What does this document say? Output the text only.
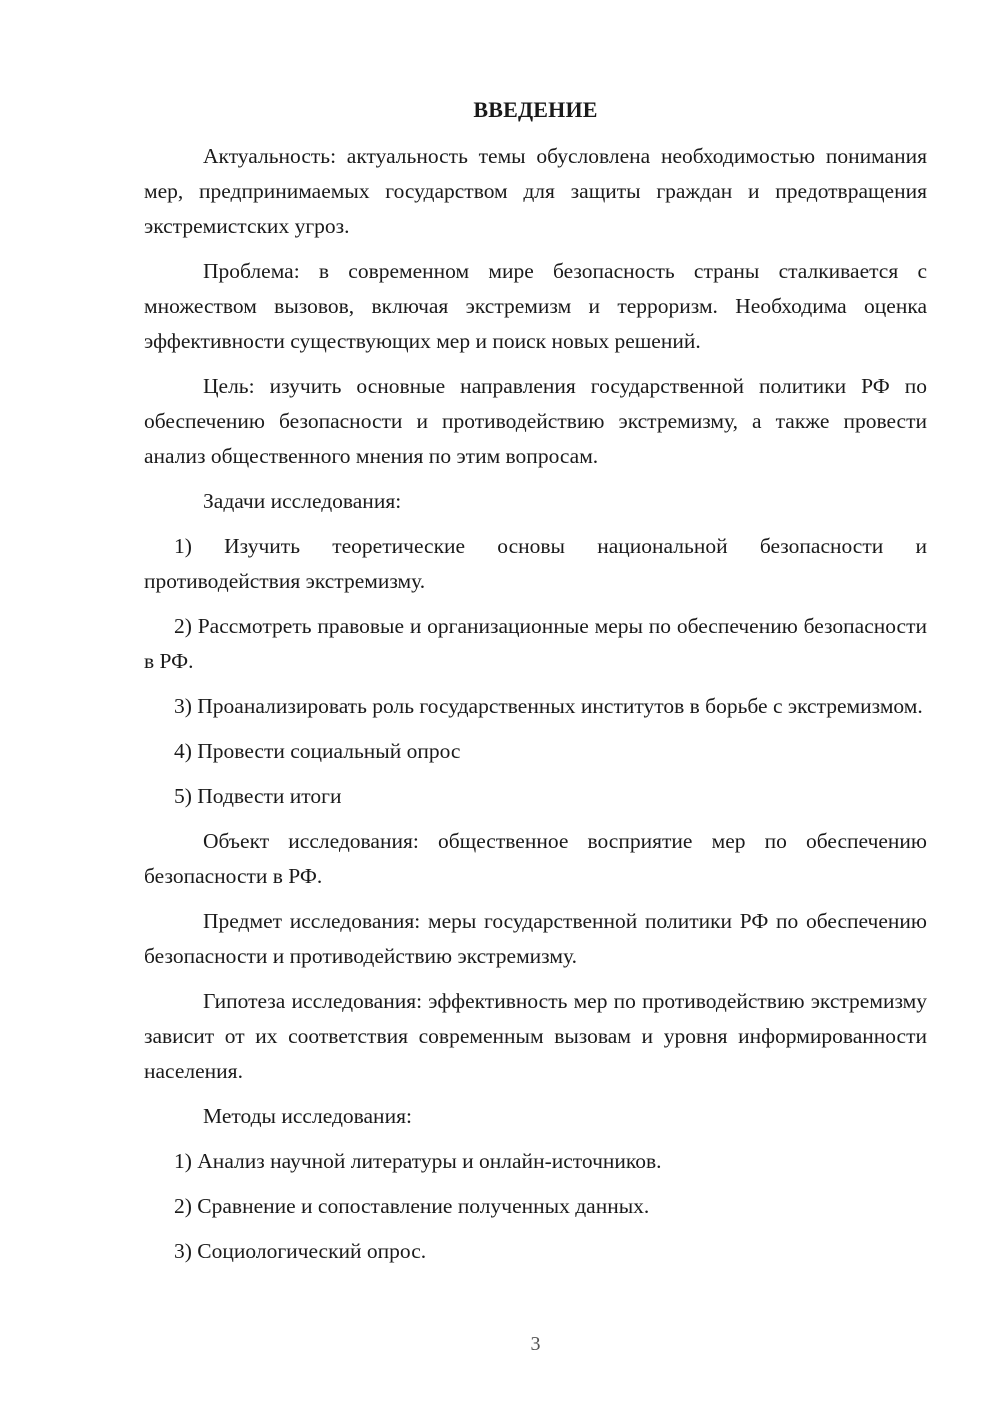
ВВЕДЕНИЕ

Актуальность: актуальность темы обусловлена необходимостью понимания мер, предпринимаемых государством для защиты граждан и предотвращения экстремистских угроз.

Проблема: в современном мире безопасность страны сталкивается с множеством вызовов, включая экстремизм и терроризм. Необходима оценка эффективности существующих мер и поиск новых решений.

Цель: изучить основные направления государственной политики РФ по обеспечению безопасности и противодействию экстремизму, а также провести анализ общественного мнения по этим вопросам.

Задачи исследования:

1) Изучить теоретические основы национальной безопасности и противодействия экстремизму.

2) Рассмотреть правовые и организационные меры по обеспечению безопасности в РФ.

3) Проанализировать роль государственных институтов в борьбе с экстремизмом.

4) Провести социальный опрос

5) Подвести итоги

Объект исследования: общественное восприятие мер по обеспечению безопасности в РФ.

Предмет исследования: меры государственной политики РФ по обеспечению безопасности и противодействию экстремизму.

Гипотеза исследования: эффективность мер по противодействию экстремизму зависит от их соответствия современным вызовам и уровня информированности населения.

Методы исследования:

1) Анализ научной литературы и онлайн-источников.

2) Сравнение и сопоставление полученных данных.

3) Социологический опрос.

3
